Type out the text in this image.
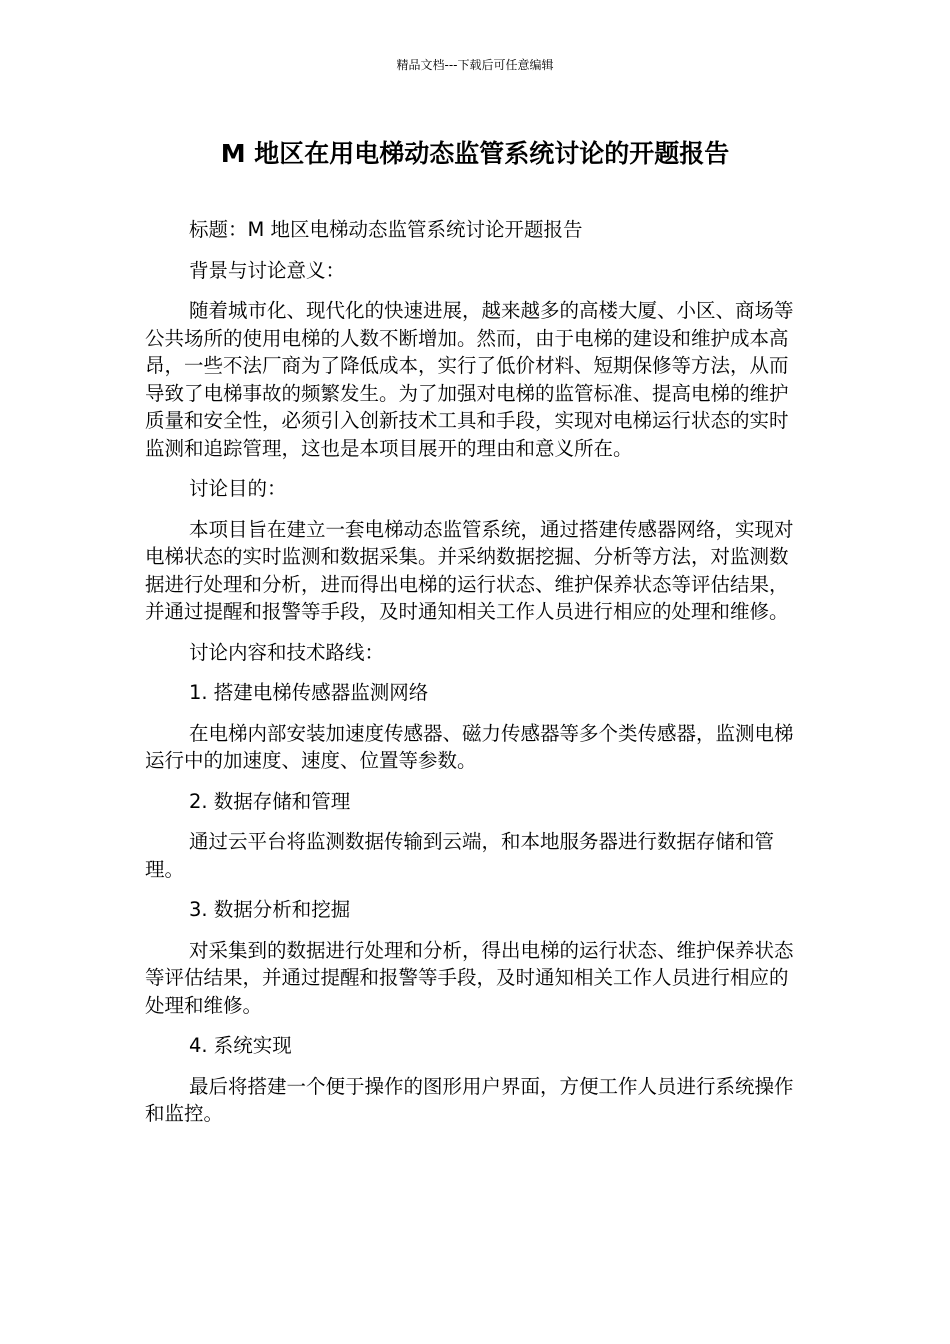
精品文档---下载后可任意编辑
M 地区在用电梯动态监管系统讨论的开题报告

标题：M 地区电梯动态监管系统讨论开题报告

背景与讨论意义：

随着城市化、现代化的快速进展，越来越多的高楼大厦、小区、商场等公共场所的使用电梯的人数不断增加。然而，由于电梯的建设和维护成本高昂，一些不法厂商为了降低成本，实行了低价材料、短期保修等方法，从而导致了电梯事故的频繁发生。为了加强对电梯的监管标准、提高电梯的维护质量和安全性，必须引入创新技术工具和手段，实现对电梯运行状态的实时监测和追踪管理，这也是本项目展开的理由和意义所在。

讨论目的：

本项目旨在建立一套电梯动态监管系统，通过搭建传感器网络，实现对电梯状态的实时监测和数据采集。并采纳数据挖掘、分析等方法，对监测数据进行处理和分析，进而得出电梯的运行状态、维护保养状态等评估结果，并通过提醒和报警等手段，及时通知相关工作人员进行相应的处理和维修。

讨论内容和技术路线：

1. 搭建电梯传感器监测网络

在电梯内部安装加速度传感器、磁力传感器等多个类传感器，监测电梯运行中的加速度、速度、位置等参数。

2. 数据存储和管理

通过云平台将监测数据传输到云端，和本地服务器进行数据存储和管理。

3. 数据分析和挖掘

对采集到的数据进行处理和分析，得出电梯的运行状态、维护保养状态等评估结果，并通过提醒和报警等手段，及时通知相关工作人员进行相应的处理和维修。

4. 系统实现

最后将搭建一个便于操作的图形用户界面，方便工作人员进行系统操作和监控。
